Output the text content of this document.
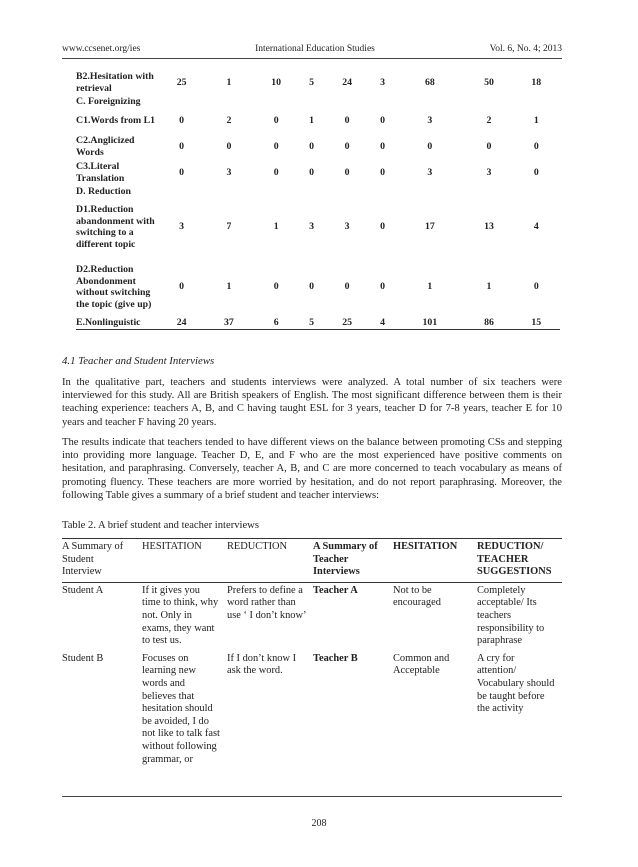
www.ccsenet.org/ies	International Education Studies	Vol. 6, No. 4; 2013
B2.Hesitation with retrieval	25	1	10	5	24	3	68	50	18
C. Foreignizing									
C1.Words from L1	0	2	0	1	0	0	3	2	1
C2.Anglicized Words	0	0	0	0	0	0	0	0	0
C3.Literal Translation	0	3	0	0	0	0	3	3	0
D. Reduction									
D1.Reduction abandonment with switching to a different topic	3	7	1	3	3	0	17	13	4
D2.Reduction Abondonment without switching the topic (give up)	0	1	0	0	0	0	1	1	0
E.Nonlinguistic	24	37	6	5	25	4	101	86	15
4.1 Teacher and Student Interviews

In the qualitative part, teachers and students interviews were analyzed. A total number of six teachers were interviewed for this study. All are British speakers of English. The most significant difference between them is their teaching experience: teachers A, B, and C having taught ESL for 3 years, teacher D for 7-8 years, teacher E for 10 years and teacher F having 20 years.

The results indicate that teachers tended to have different views on the balance between promoting CSs and stepping into providing more language. Teacher D, E, and F who are the most experienced have positive comments on hesitation, and paraphrasing. Conversely, teacher A, B, and C are more concerned to teach vocabulary as means of promoting fluency. These teachers are more worried by hesitation, and do not report paraphrasing. Moreover, the following Table gives a summary of a brief student and teacher interviews:

Table 2. A brief student and teacher interviews
A Summary of Student Interview	HESITATION	REDUCTION	A Summary of Teacher Interviews	HESITATION	REDUCTION/ TEACHER SUGGESTIONS
Student A	If it gives you time to think, why not. Only in exams, they want to test us.	Prefers to define a word rather than use ‘ I don’t know’	Teacher A	Not to be encouraged	Completely acceptable/ Its teachers responsibility to paraphrase
Student B	Focuses on learning new words and believes that hesitation should be avoided, I do not like to talk fast without following grammar, or	If I don’t know I ask the word.	Teacher B	Common and Acceptable	A cry for attention/ Vocabulary should be taught before the activity
208
